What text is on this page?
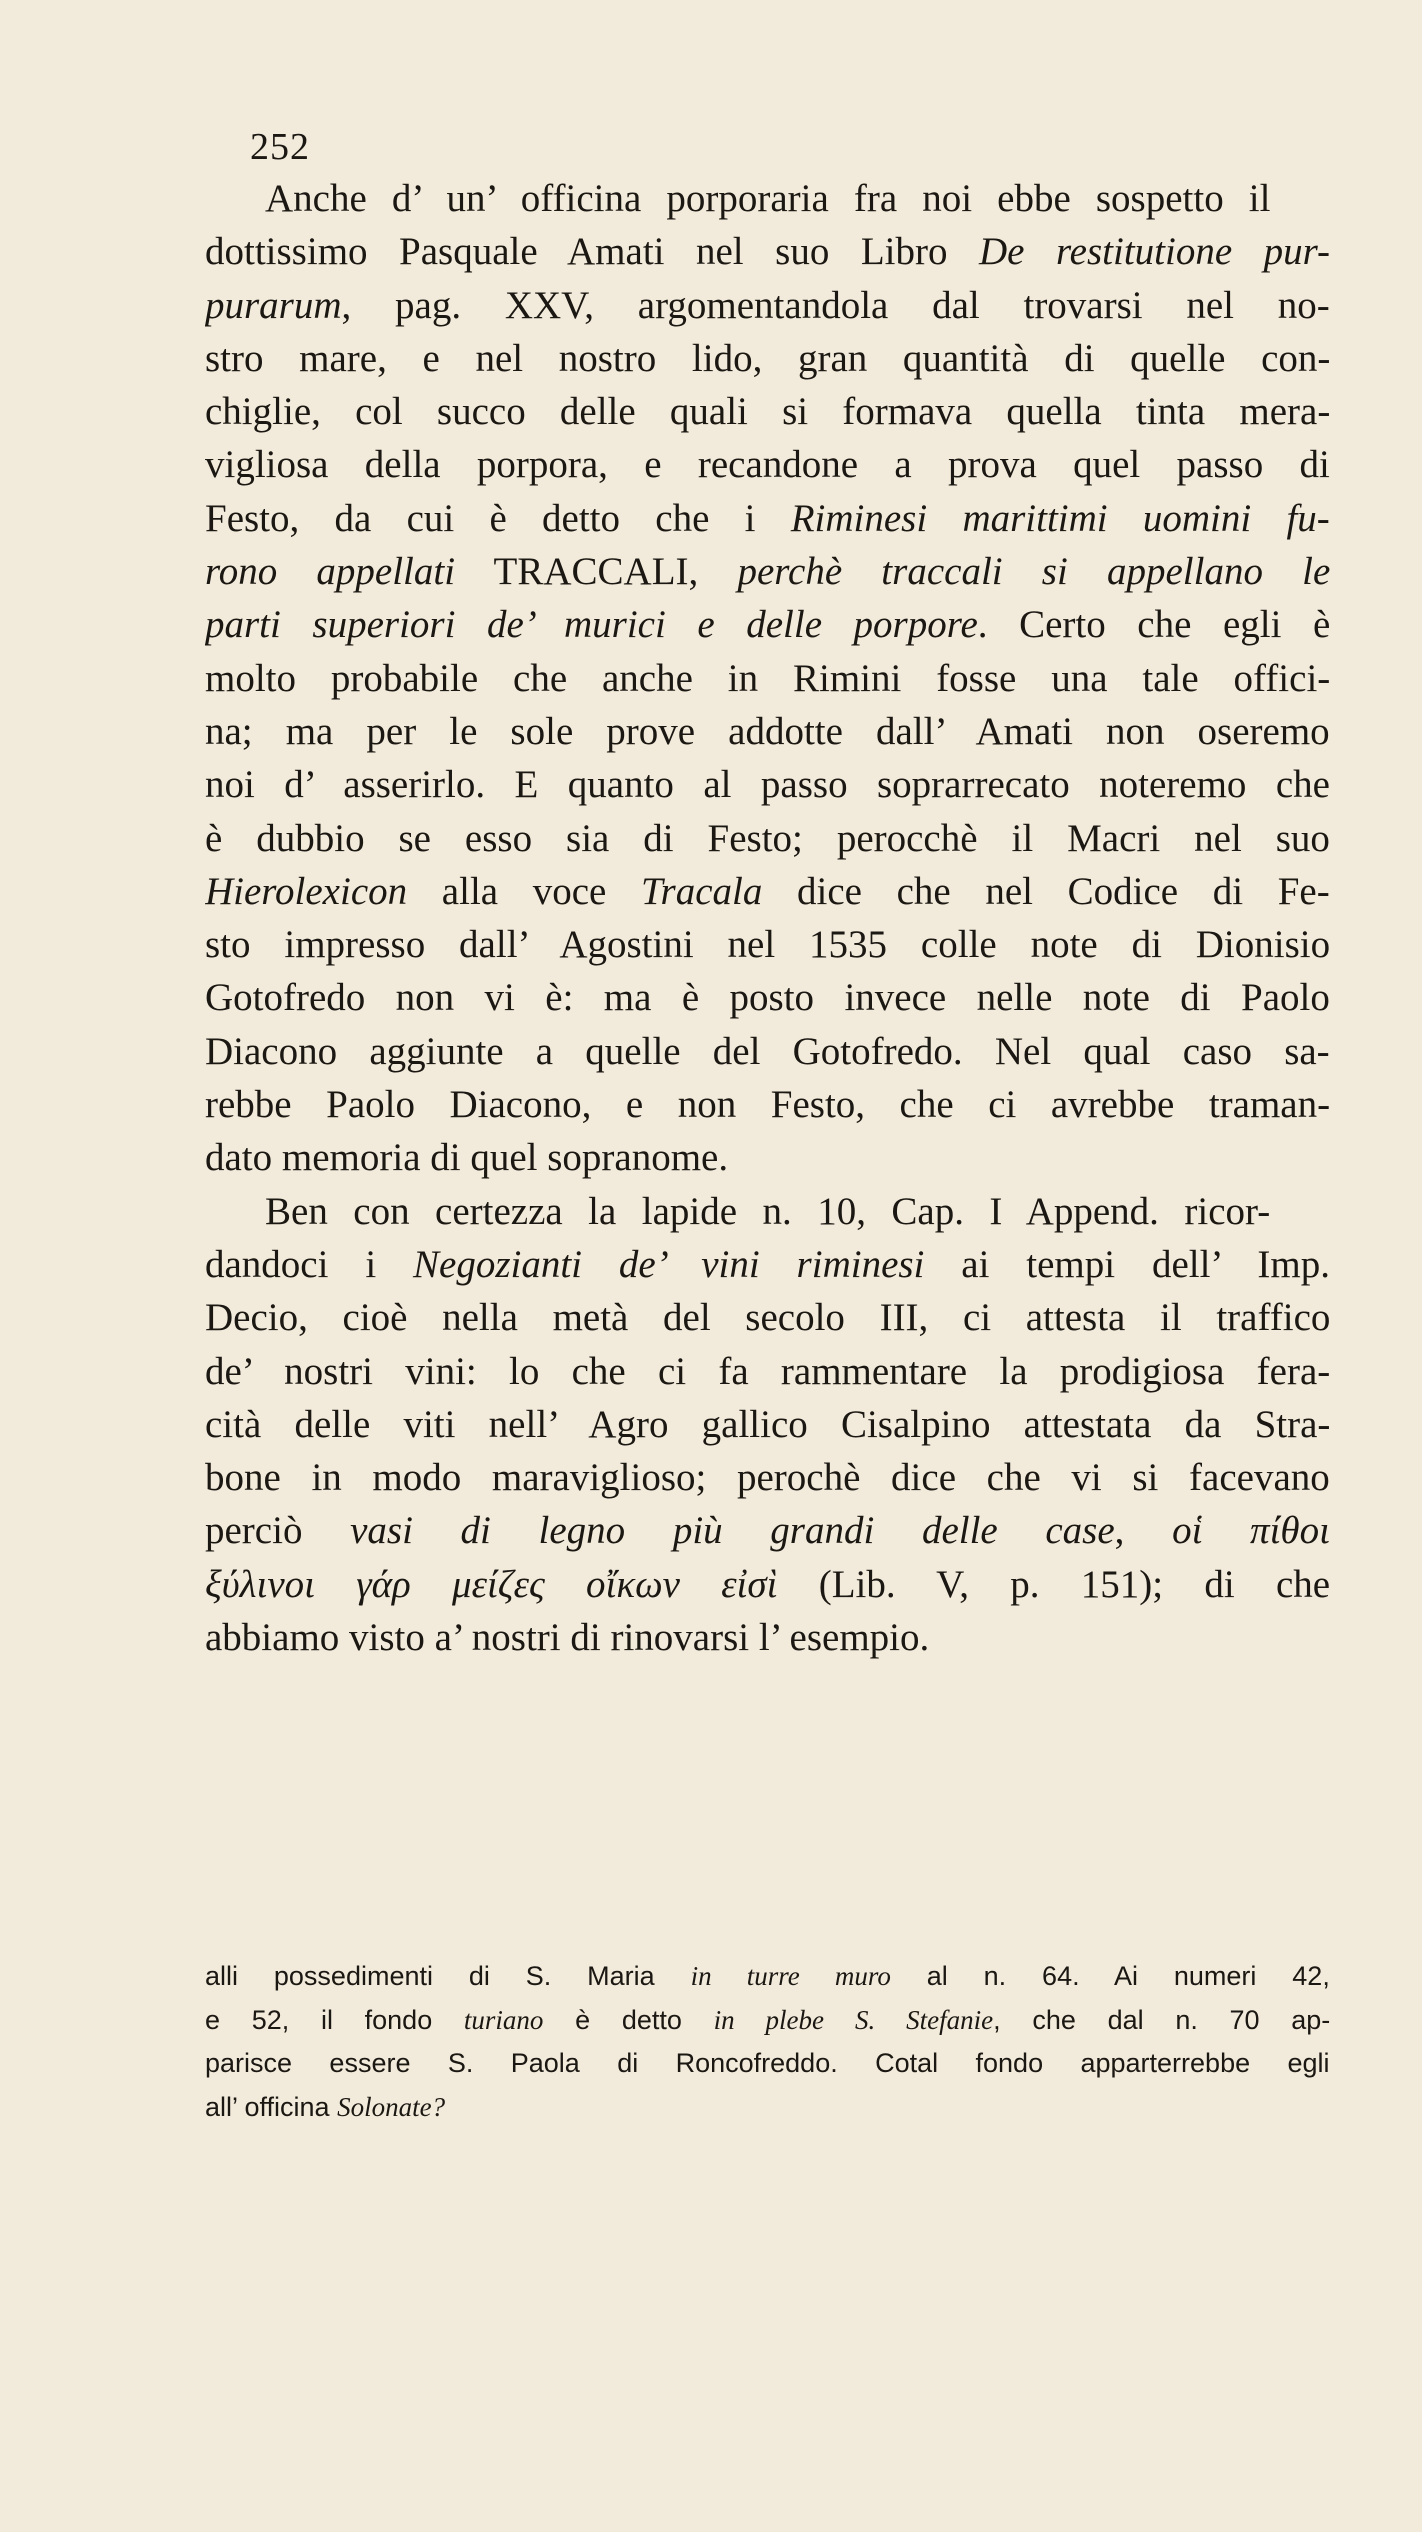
252

Anche d’ un’ officina porporaria fra noi ebbe sospetto il
dottissimo Pasquale Amati nel suo Libro De restitutione pur-
purarum, pag. XXV, argomentandola dal trovarsi nel no-
stro mare, e nel nostro lido, gran quantità di quelle con-
chiglie, col succo delle quali si formava quella tinta mera-
vigliosa della porpora, e recandone a prova quel passo di
Festo, da cui è detto che i Riminesi marittimi uomini fu-
rono appellati TRACCALI, perchè traccali si appellano le
parti superiori de’ murici e delle porpore. Certo che egli è
molto probabile che anche in Rimini fosse una tale offici-
na; ma per le sole prove addotte dall’ Amati non oseremo
noi d’ asserirlo. E quanto al passo soprarrecato noteremo che
è dubbio se esso sia di Festo; perocchè il Macri nel suo
Hierolexicon alla voce Tracala dice che nel Codice di Fe-
sto impresso dall’ Agostini nel 1535 colle note di Dionisio
Gotofredo non vi è: ma è posto invece nelle note di Paolo
Diacono aggiunte a quelle del Gotofredo. Nel qual caso sa-
rebbe Paolo Diacono, e non Festo, che ci avrebbe traman-
dato memoria di quel sopranome.

Ben con certezza la lapide n. 10, Cap. I Append. ricor-
dandoci i Negozianti de’ vini riminesi ai tempi dell’ Imp.
Decio, cioè nella metà del secolo III, ci attesta il traffico
de’ nostri vini: lo che ci fa rammentare la prodigiosa fera-
cità delle viti nell’ Agro gallico Cisalpino attestata da Stra-
bone in modo maraviglioso; perochè dice che vi si facevano
perciò vasi di legno più grandi delle case, οἱ πίθοι
ξύλινοι γάρ μείζες οἴκων εἰσὶ (Lib. V, p. 151); di che
abbiamo visto a’ nostri di rinovarsi l’ esempio.

alli possedimenti di S. Maria in turre muro al n. 64. Ai numeri 42,
e 52, il fondo turiano è detto in plebe S. Stefanie, che dal n. 70 ap-
parisce essere S. Paola di Roncofreddo. Cotal fondo apparterrebbe egli
all’ officina Solonate?
